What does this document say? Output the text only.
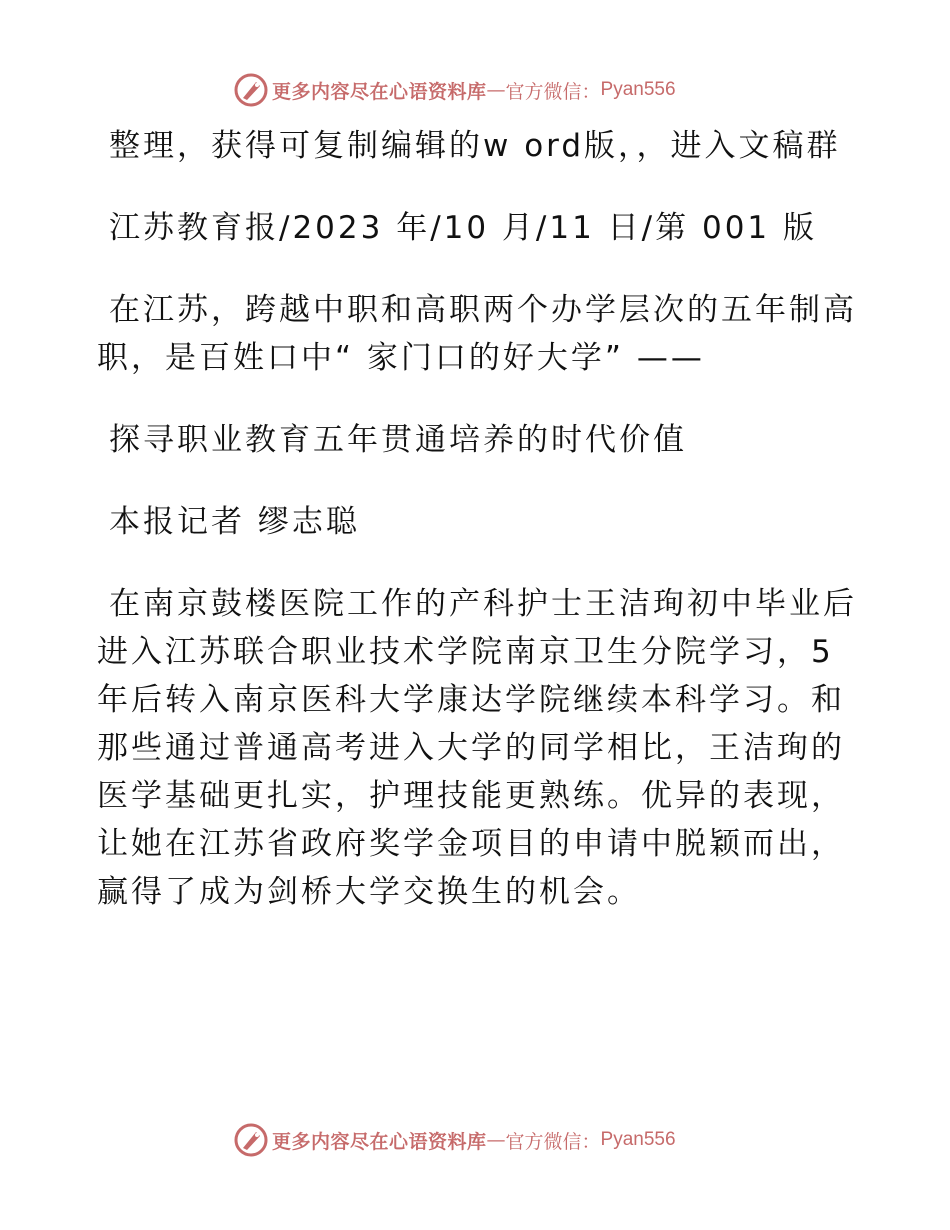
更多内容尽在心语资料库 — 官方微信： Pyan556

整理，获得可复制编辑的w ord版，，进入文稿群

江苏教育报/2023 年/10 月/11 日/第 001 版

在江苏，跨越中职和高职两个办学层次的五年制高职，是百姓口中“ 家门口的好大学” ——

探寻职业教育五年贯通培养的时代价值

本报记者 缪志聪

在南京鼓楼医院工作的产科护士王洁珣初中毕业后进入江苏联合职业技术学院南京卫生分院学习，5 年后转入南京医科大学康达学院继续本科学习。和那些通过普通高考进入大学的同学相比，王洁珣的医学基础更扎实，护理技能更熟练。优异的表现，让她在江苏省政府奖学金项目的申请中脱颖而出，赢得了成为剑桥大学交换生的机会。

更多内容尽在心语资料库 — 官方微信： Pyan556
